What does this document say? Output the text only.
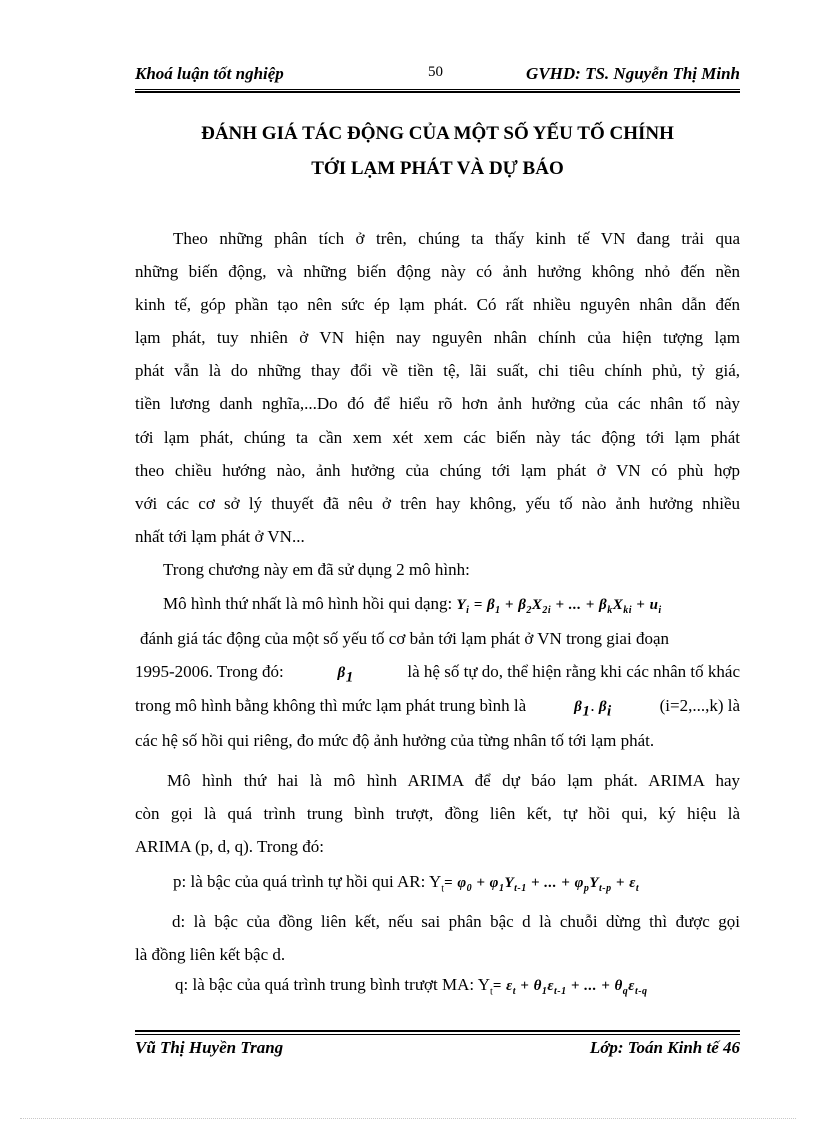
Khoá luận tốt nghiệp	50	GVHD: TS. Nguyễn Thị Minh
ĐÁNH GIÁ TÁC ĐỘNG CỦA MỘT SỐ YẾU TỐ CHÍNH
TỚI LẠM PHÁT VÀ DỰ BÁO
Theo những phân tích ở trên, chúng ta thấy kinh tế VN đang trải qua
những biến động, và những biến động này có ảnh hưởng không nhỏ đến nền
kinh tế, góp phần tạo nên sức ép lạm phát. Có rất nhiều nguyên nhân dẫn đến
lạm phát, tuy nhiên ở VN hiện nay nguyên nhân chính của hiện tượng lạm
phát vẫn là do những thay đổi về tiền tệ, lãi suất, chi tiêu chính phủ, tỷ giá,
tiền lương danh nghĩa,...Do đó để hiểu rõ hơn ảnh hưởng của các nhân tố này
tới lạm phát, chúng ta cần xem xét xem các biến này tác động tới lạm phát
theo chiều hướng nào, ảnh hưởng của chúng tới lạm phát ở VN có phù hợp
với các cơ sở lý thuyết đã nêu ở trên hay không, yếu tố nào ảnh hưởng nhiều
nhất tới lạm phát ở VN...
Trong chương này em đã sử dụng 2 mô hình:
Mô hình thứ nhất là mô hình hồi qui dạng: $Y_i = \beta_1 + \beta_2X_{2i}$ + ... + $\beta_kX_{ki} + u_i$
đánh giá tác động của một số yếu tố cơ bản tới lạm phát ở VN trong giai đoạn
1995-2006. Trong đó:	$\beta_1$	là hệ số tự do, thể hiện rằng khi các nhân tố khác
trong mô hình bằng không thì mức lạm phát trung bình là	$\beta_1$. $\beta_i$	(i=2,...,k) là
các hệ số hồi qui riêng, đo mức độ ảnh hưởng của từng nhân tố tới lạm phát.
Mô hình thứ hai là mô hình ARIMA để dự báo lạm phát. ARIMA hay
còn gọi là quá trình trung bình trượt, đồng liên kết, tự hồi qui, ký hiệu là
ARIMA (p, d, q). Trong đó:
p: là bậc của quá trình tự hồi qui AR: $Y_t= \varphi_0 + \varphi_1Y_{t-1}$ + ... + $\varphi_pY_{t-p} + \varepsilon_t$
d: là bậc của đồng liên kết, nếu sai phân bậc d là chuỗi dừng thì được gọi
là đồng liên kết bậc d.
q: là bậc của quá trình trung bình trượt MA: $Y_t= \varepsilon_t + \theta_1\varepsilon_{t-1}$ + ... + $\theta_q\varepsilon_{t-q}$
Vũ Thị Huyền Trang	Lớp: Toán Kinh tế 46
